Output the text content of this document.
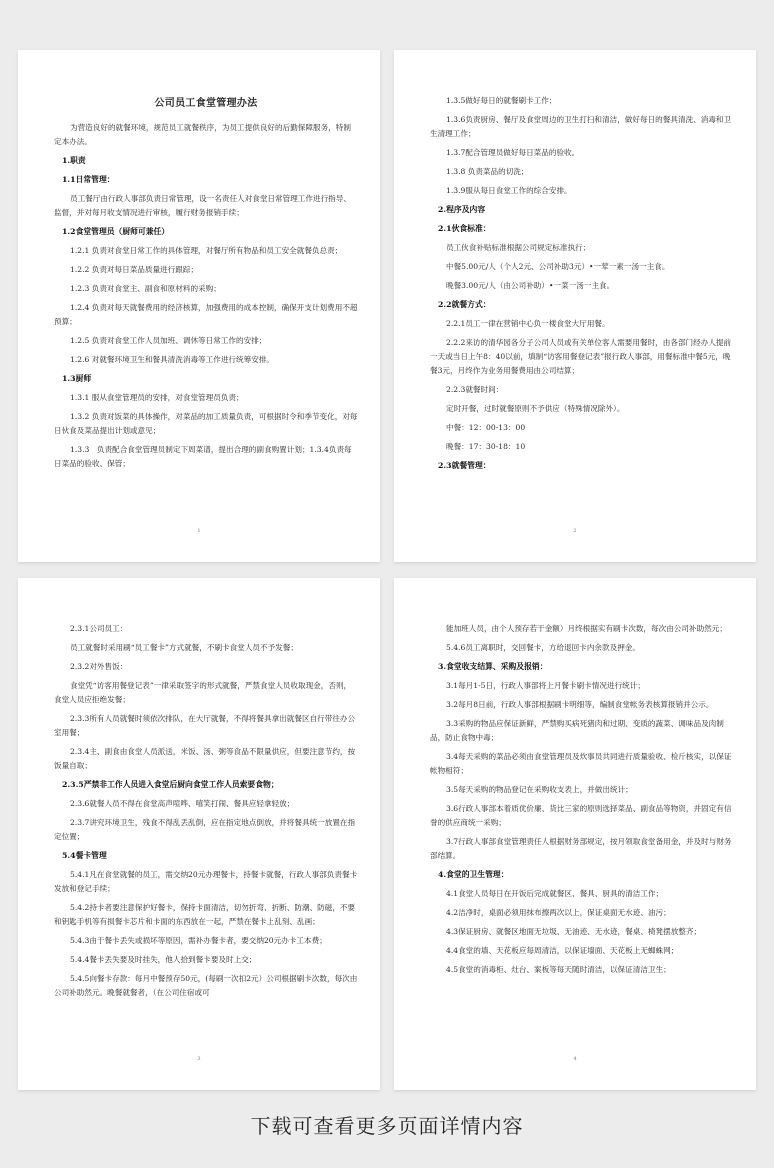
公司员工食堂管理办法

为营造良好的就餐环境，规范员工就餐秩序，为员工提供良好的后勤保障服务，特制定本办法。

1.职责

1.1日常管理：

员工餐厅由行政人事部负责日常管理，设一名责任人对食堂日常管理工作进行指导、监督，并对每月收支情况进行审核，履行财务报销手续；

1.2食堂管理员（厨师可兼任）

1.2.1 负责对食堂日常工作的具体管理，对餐厅所有物品和员工安全就餐负总责；

1.2.2 负责对每日菜品质量进行跟踪；

1.2.3 负责对食堂主、副食和原材料的采购；

1.2.4 负责对每天就餐费用的经济核算，加强费用的成本控制，确保开支计划费用不超预算；

1.2.5 负责对食堂工作人员加班、调休等日常工作的安排；

1.2.6 对就餐环境卫生和餐具清洗消毒等工作进行统筹安排。

1.3厨师

1.3.1 服从食堂管理员的安排，对食堂管理员负责；

1.3.2 负责对饭菜的具体操作，对菜品的加工质量负责，可根据时令和季节变化，对每日伙食及菜品提出计划或意见；

1.3.3　负责配合食堂管理员制定下周菜谱，提出合理的副食购置计划；1.3.4负责每日菜品的验收、保管；

1

1.3.5做好每日的就餐刷卡工作；

1.3.6负责厨房、餐厅及食堂周边的卫生打扫和清洁，做好每日的餐具清洗、消毒和卫生清理工作；

1.3.7配合管理员做好每日菜品的验收。

1.3.8 负责菜品的切洗；

1.3.9服从每日食堂工作的综合安排。

2.程序及内容

2.1伙食标准：

员工伙食补贴标准根据公司规定标准执行；

中餐5.00元/人（个人2元、公司补助3元）•一荤一素一汤一主食。

晚餐3.00元/人（由公司补助）•一菜一汤一主食。

2.2就餐方式：

2.2.1员工一律在营销中心负一楼食堂大厅用餐。

2.2.2来访的清华园各分子公司人员或有关单位客人需要用餐时，由各部门经办人提前一天或当日上午8：40以前，填制“访客用餐登记表”报行政人事部，用餐标准中餐5元，晚餐3元，月终作为业务用餐费用由公司结算；

2.2.3就餐时间：

定时开餐，过时就餐原则不予供应（特殊情况除外）。

中餐：12：00-13：00

晚餐：17：30-18：10

2.3就餐管理：

2

2.3.1公司员工：

员工就餐时采用刷“员工餐卡”方式就餐，不刷卡食堂人员不予发餐；

2.3.2对外售饭：

食堂凭“访客用餐登记表”一律采取签字的形式就餐，严禁食堂人员收取现金，否则，食堂人员应拒绝发餐；

2.3.3所有人员就餐时须依次排队，在大厅就餐，不得将餐具拿出就餐区自行带往办公室用餐；

2.3.4主、副食由食堂人员派送，米饭、汤、粥等食品不限量供应，但要注意节约，按饭量自取；

2.3.5严禁非工作人员进入食堂后厨向食堂工作人员索要食物；

2.3.6就餐人员不得在食堂高声喧哗、嘻笑打闹、餐具应轻拿轻放；

2.3.7讲究环境卫生，残食不得乱丢乱倒，应在指定地点倒放，并将餐具统一放置在指定位置；

5.4餐卡管理

5.4.1凡在食堂就餐的员工，需交纳20元办理餐卡，持餐卡就餐，行政人事部负责餐卡发放和登记手续；

5.4.2持卡者要注意保护好餐卡，保持卡面清洁，切勿折弯、折断、防潮、防磁，不要和钥匙手机等有损餐卡芯片和卡面的东西放在一起，严禁在餐卡上乱刻、乱画；

5.4.3由于餐卡丢失或损坏等原因，需补办餐卡者，要交纳20元办卡工本费；

5.4.4餐卡丢失要及时挂失，他人拾到餐卡要及时上交；

5.4.5向餐卡存款：每月中餐预存50元，(每刷一次扣2元）公司根据刷卡次数，每次由公司补助然元。晚餐就餐者，（在公司住宿或可

3

能加班人员，由个人预存若干金额）月终根据实有刷卡次数，每次由公司补助然元；

5.4.6员工离职时，交回餐卡，方给退回卡内余款及押金。

3.食堂收支结算、采购及报销：

3.1每月1-5日，行政人事部将上月餐卡刷卡情况进行统计；

3.2每月8日前，行政人事部根据刷卡明细等，编制食堂帐务表核算报销并公示。

3.3采购的物品应保证新鲜，严禁购买病死猪肉和过期、变质的蔬菜、调味品及肉制品，防止食物中毒；

3.4每天采购的菜品必须由食堂管理员及炊事员共同进行质量验收、检斤核实，以保证帐物相符；

3.5每天采购的物品登记在采购收支表上，并做出统计；

3.6行政人事部本着质优价廉、货比三家的原则选择菜品、副食品等物资，并固定有信誉的供应商统一采购；

3.7行政人事部食堂管理责任人根据财务部规定，按月领取食堂备用金，并及时与财务部结算。

4.食堂的卫生管理：

4.1食堂人员每日在开饭后完成就餐区、餐具、厨具的清洁工作；

4.2洁净时，桌面必须用抹布擦两次以上，保证桌面无水迹、油污；

4.3保证厨房、就餐区地面无垃圾、无油迹、无水迹，餐桌、椅凳摆放整齐；

4.4食堂的墙、天花板应每周清洁，以保证墙面、天花板上无蜘蛛网；

4.5食堂的消毒柜、灶台、案板等每天随时清洁，以保证清洁卫生；

4
下载可查看更多页面详情内容
